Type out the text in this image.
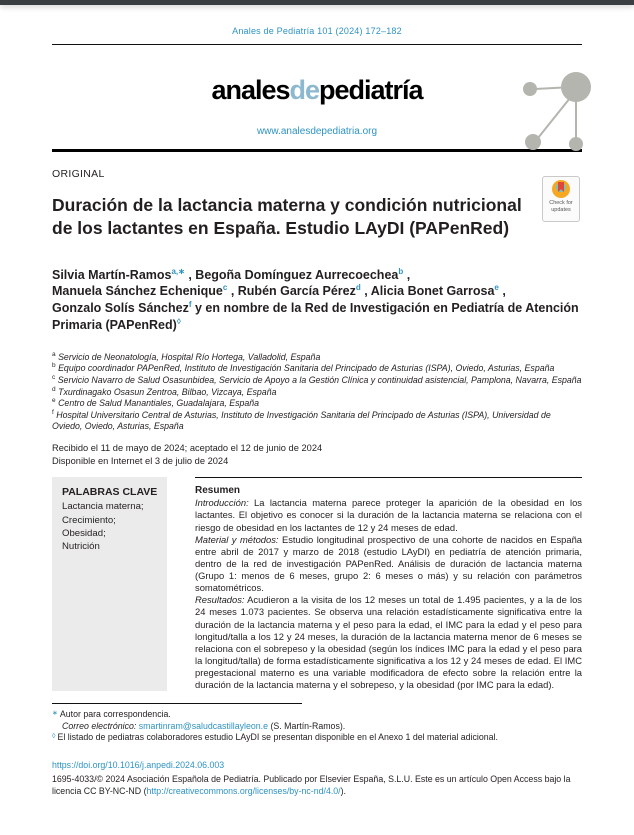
Anales de Pediatría 101 (2024) 172–182
analesdepediatría
www.analesdepediatria.org
ORIGINAL
Duración de la lactancia materna y condición nutricional de los lactantes en España. Estudio LAyDI (PAPenRed)
Check for updates
Silvia Martín-Ramos$^{a,∗}$ , Begoña Domínguez Aurrecoechea$^b$ ,
Manuela Sánchez Echenique$^c$ , Rubén García Pérez$^d$ , Alicia Bonet Garrosa$^e$ ,
Gonzalo Solís Sánchez$^f$ y en nombre de la Red de Investigación en Pediatría de Atención Primaria (PAPenRed)◊

$^a$ Servicio de Neonatología, Hospital Río Hortega, Valladolid, España

$^b$ Equipo coordinador PAPenRed, Instituto de Investigación Sanitaria del Principado de Asturias (ISPA), Oviedo, Asturias, España

$^c$ Servicio Navarro de Salud Osasunbidea, Servicio de Apoyo a la Gestión Clínica y continuidad asistencial, Pamplona, Navarra, España

$^d$ Txurdinagako Osasun Zentroa, Bilbao, Vizcaya, España

$^e$ Centro de Salud Manantiales, Guadalajara, España

$^f$ Hospital Universitario Central de Asturias, Instituto de Investigación Sanitaria del Principado de Asturias (ISPA), Universidad de Oviedo, Oviedo, Asturias, España

Recibido el 11 de mayo de 2024; aceptado el 12 de junio de 2024
Disponible en Internet el 3 de julio de 2024
PALABRAS CLAVE
Lactancia materna;
Crecimiento;
Obesidad;
Nutrición
Resumen

Introducción: La lactancia materna parece proteger la aparición de la obesidad en los lactantes. El objetivo es conocer si la duración de la lactancia materna se relaciona con el riesgo de obesidad en los lactantes de 12 y 24 meses de edad.

Material y métodos: Estudio longitudinal prospectivo de una cohorte de nacidos en España entre abril de 2017 y marzo de 2018 (estudio LAyDI) en pediatría de atención primaria, dentro de la red de investigación PAPenRed. Análisis de duración de lactancia materna (Grupo 1: menos de 6 meses, grupo 2: 6 meses o más) y su relación con parámetros somatométricos.

Resultados: Acudieron a la visita de los 12 meses un total de 1.495 pacientes, y a la de los 24 meses 1.073 pacientes. Se observa una relación estadísticamente significativa entre la duración de la lactancia materna y el peso para la edad, el IMC para la edad y el peso para longitud/talla a los 12 y 24 meses, la duración de la lactancia materna menor de 6 meses se relaciona con el sobrepeso y la obesidad (según los índices IMC para la edad y el peso para la longitud/talla) de forma estadísticamente significativa a los 12 y 24 meses de edad. El IMC pregestacional materno es una variable modificadora de efecto sobre la relación entre la duración de la lactancia materna y el sobrepeso, y la obesidad (por IMC para la edad).

∗ Autor para correspondencia.
Correo electrónico: smartinram@saludcastillayleon.e (S. Martín-Ramos).
◊ El listado de pediatras colaboradores estudio LAyDI se presentan disponible en el Anexo 1 del material adicional.
https://doi.org/10.1016/j.anpedi.2024.06.003
1695-4033/© 2024 Asociación Española de Pediatría. Publicado por Elsevier España, S.L.U. Este es un artículo Open Access bajo la licencia CC BY-NC-ND (http://creativecommons.org/licenses/by-nc-nd/4.0/).
